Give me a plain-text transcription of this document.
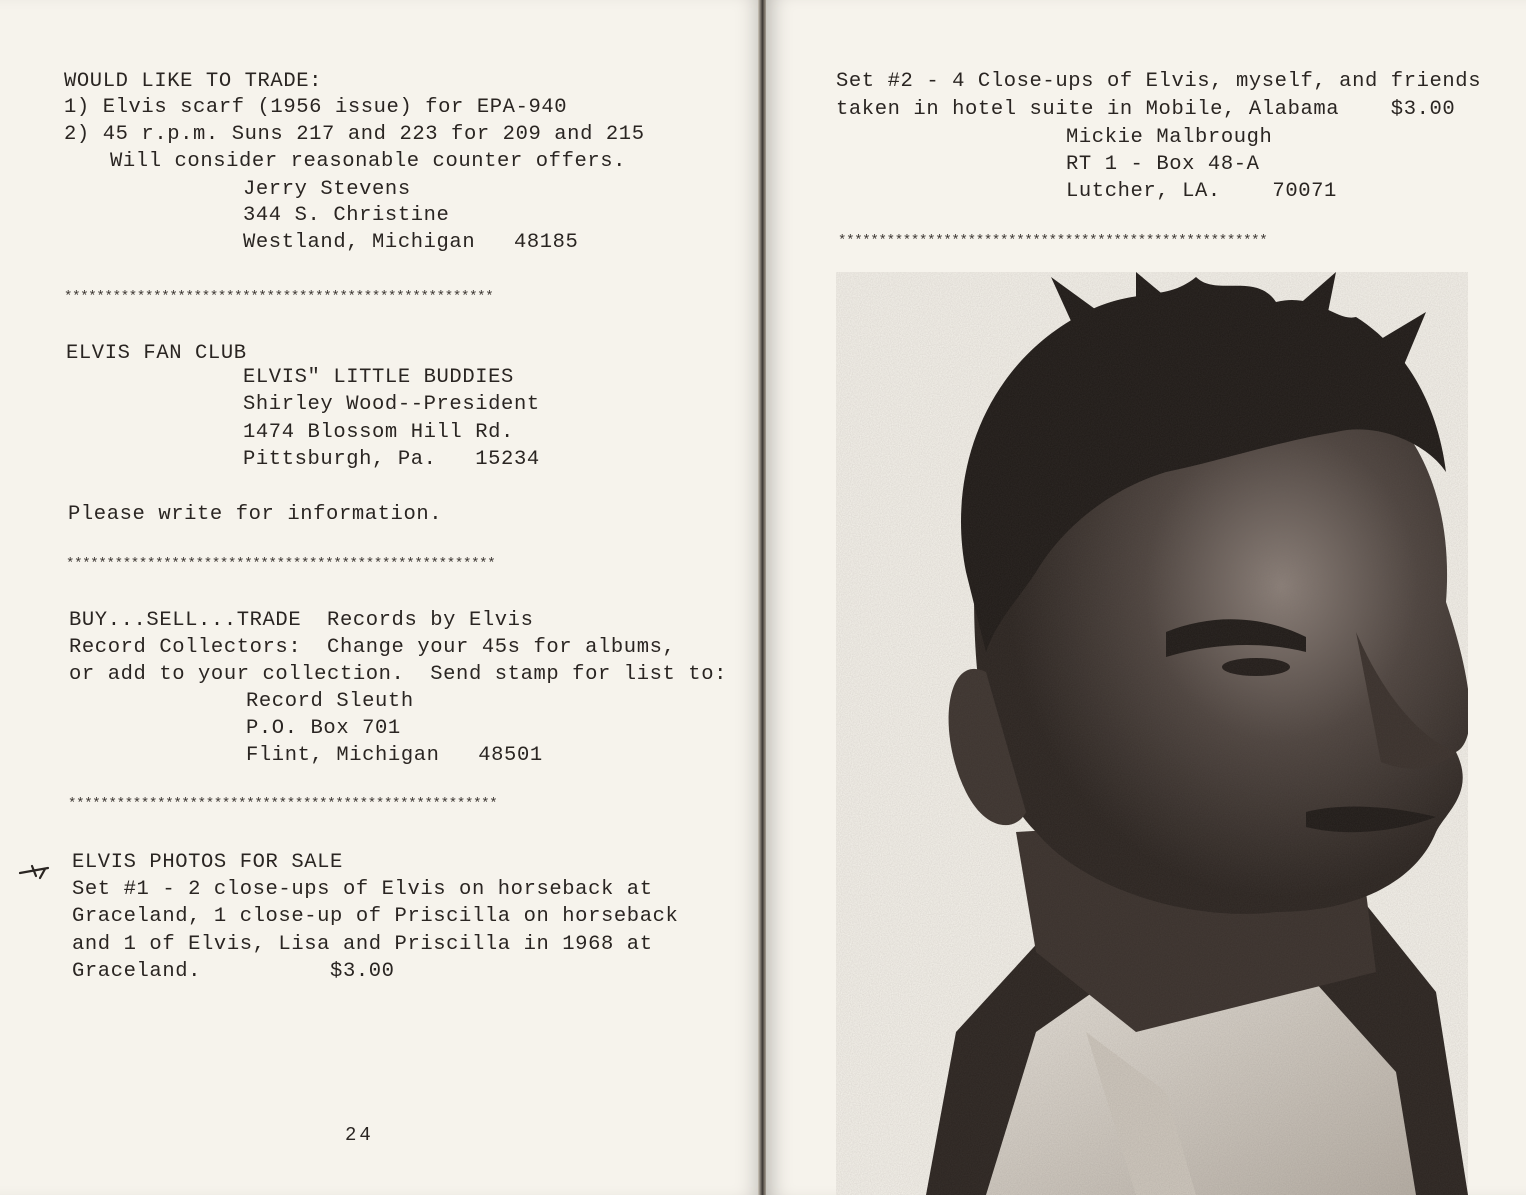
WOULD LIKE TO TRADE:
1) Elvis scarf (1956 issue) for EPA-940
2) 45 r.p.m. Suns 217 and 223 for 209 and 215
Will consider reasonable counter offers.
Jerry Stevens
344 S. Christine
Westland, Michigan   48185
*****************************************************
ELVIS FAN CLUB
ELVIS" LITTLE BUDDIES
Shirley Wood--President
1474 Blossom Hill Rd.
Pittsburgh, Pa.   15234
Please write for information.
*****************************************************
BUY...SELL...TRADE  Records by Elvis
Record Collectors:  Change your 45s for albums,
or add to your collection.  Send stamp for list to:
Record Sleuth
P.O. Box 701
Flint, Michigan   48501
*****************************************************
ELVIS PHOTOS FOR SALE
Set #1 - 2 close-ups of Elvis on horseback at
Graceland, 1 close-up of Priscilla on horseback
and 1 of Elvis, Lisa and Priscilla in 1968 at
Graceland.          $3.00
24
Set #2 - 4 Close-ups of Elvis, myself, and friends
taken in hotel suite in Mobile, Alabama    $3.00
Mickie Malbrough
RT 1 - Box 48-A
Lutcher, LA.    70071
*****************************************************
